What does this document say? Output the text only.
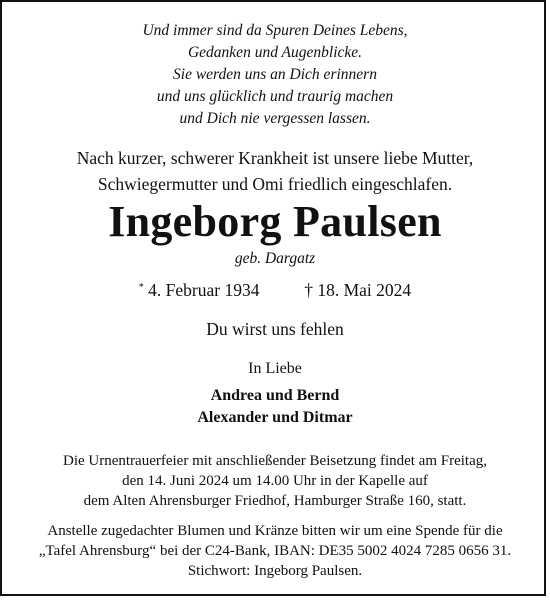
Und immer sind da Spuren Deines Lebens,
Gedanken und Augenblicke.
Sie werden uns an Dich erinnern
und uns glücklich und traurig machen
und Dich nie vergessen lassen.
Nach kurzer, schwerer Krankheit ist unsere liebe Mutter,
Schwiegermutter und Omi friedlich eingeschlafen.
Ingeborg Paulsen
geb. Dargatz
* 4. Februar 1934	† 18. Mai 2024
Du wirst uns fehlen
In Liebe
Andrea und Bernd
Alexander und Ditmar
Die Urnentrauerfeier mit anschließender Beisetzung findet am Freitag,
den 14. Juni 2024 um 14.00 Uhr in der Kapelle auf
dem Alten Ahrensburger Friedhof, Hamburger Straße 160, statt.
Anstelle zugedachter Blumen und Kränze bitten wir um eine Spende für die
„Tafel Ahrensburg“ bei der C24-Bank, IBAN: DE35 5002 4024 7285 0656 31.
Stichwort: Ingeborg Paulsen.
